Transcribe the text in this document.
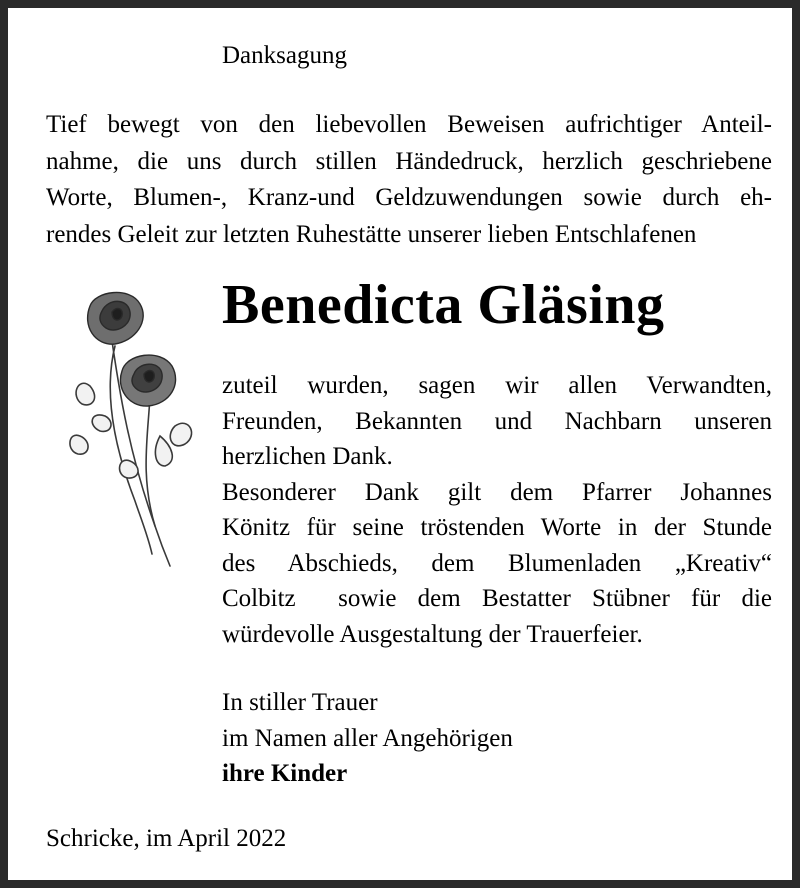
Danksagung
Tief bewegt von den liebevollen Beweisen aufrichtiger Anteil-
nahme, die uns durch stillen Händedruck, herzlich geschriebene
Worte, Blumen-, Kranz-und Geldzuwendungen sowie durch eh-
rendes Geleit zur letzten Ruhestätte unserer lieben Entschlafenen
Benedicta Gläsing
zuteil wurden, sagen wir allen Verwandten,
Freunden, Bekannten und Nachbarn unseren
herzlichen Dank.
Besonderer Dank gilt dem Pfarrer Johannes
Könitz für seine tröstenden Worte in der Stunde
des Abschieds, dem Blumenladen „Kreativ“
Colbitz  sowie dem Bestatter Stübner für die
würdevolle Ausgestaltung der Trauerfeier.
In stiller Trauer
im Namen aller Angehörigen
ihre Kinder
Schricke, im April 2022
